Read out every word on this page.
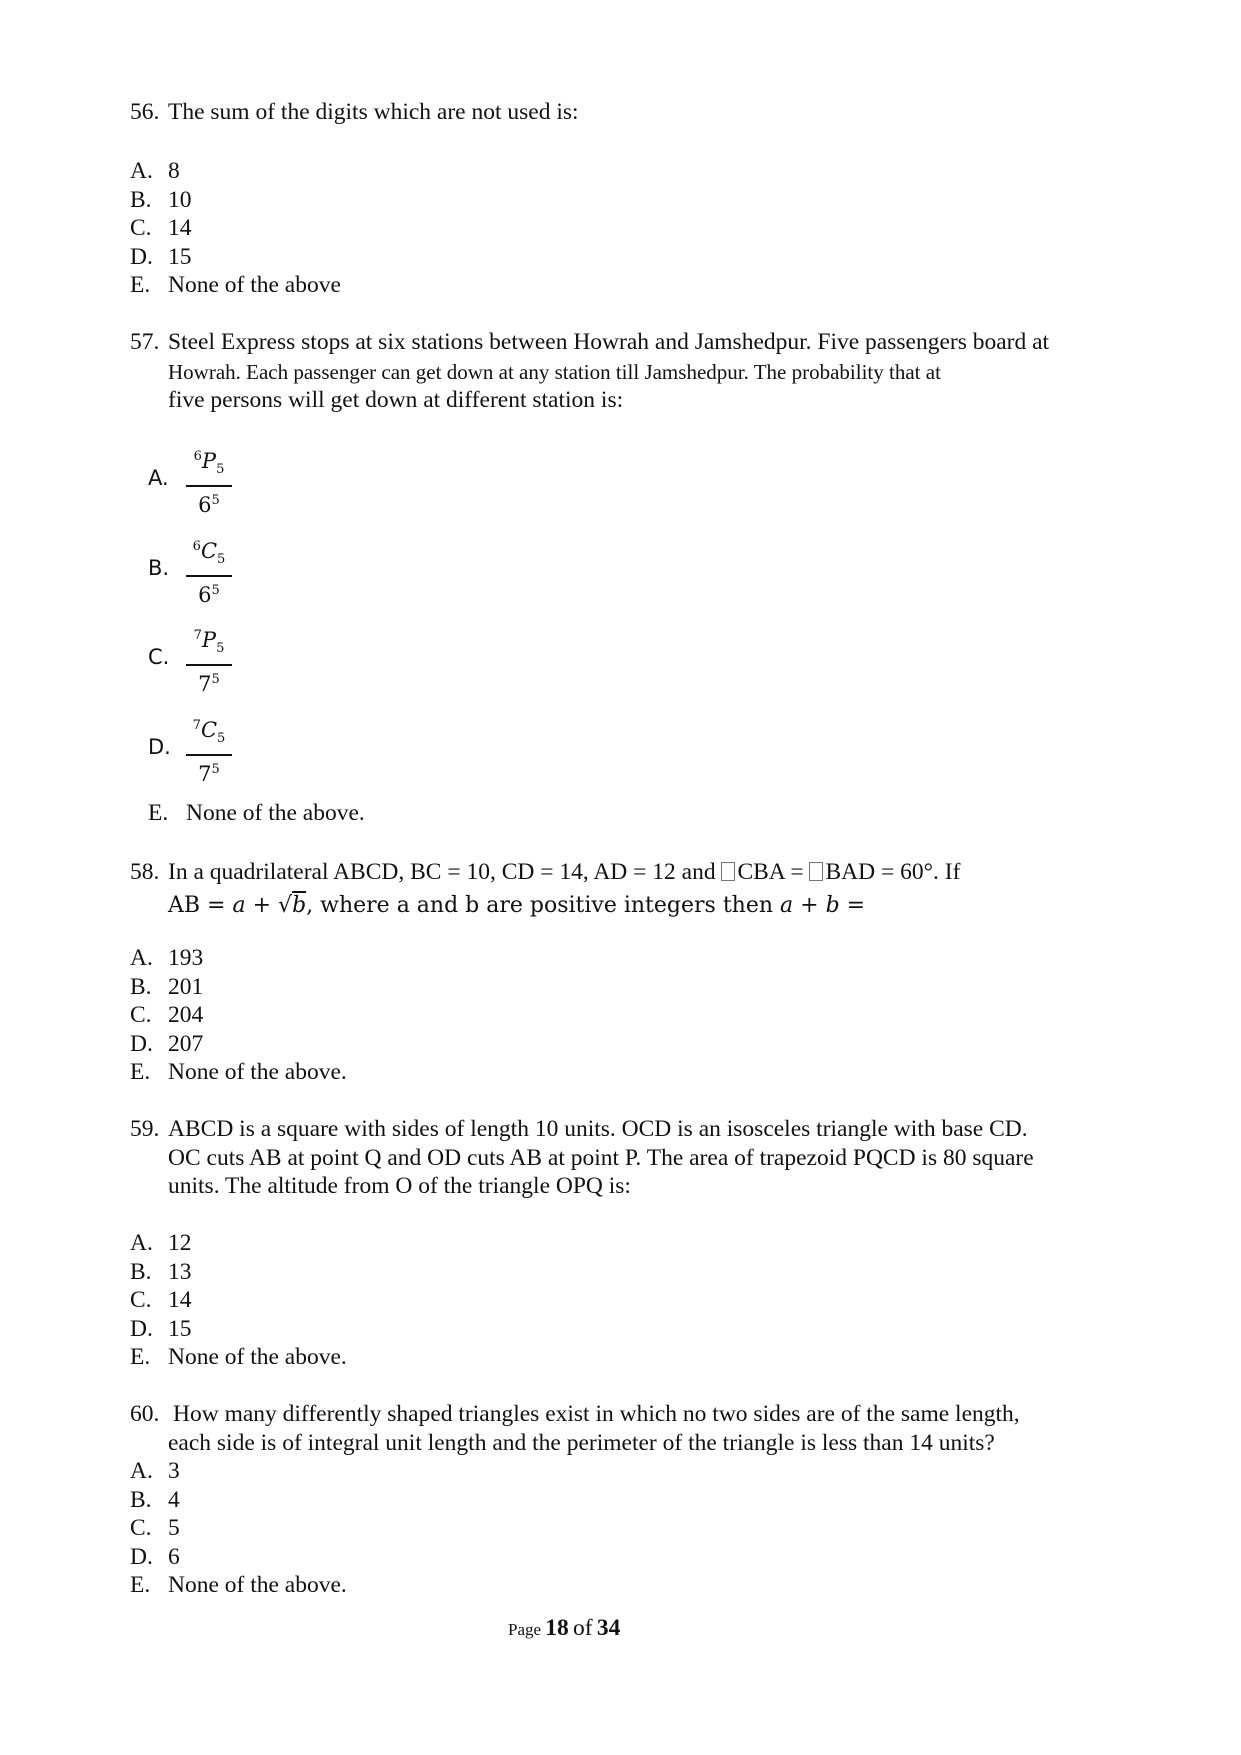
56. The sum of the digits which are not used is:
A. 8
B. 10
C. 14
D. 15
E. None of the above
57. Steel Express stops at six stations between Howrah and Jamshedpur. Five passengers board at
Howrah. Each passenger can get down at any station till Jamshedpur. The probability that at
five persons will get down at different station is:
A.
$^6P_5$
$6^5$
B.
$^6C_5$
$6^5$
C.
$^7P_5$
$7^5$
D.
$^7C_5$
$7^5$
E. None of the above.
58. In a quadrilateral ABCD, BC = 10, CD = 14, AD = 12 and CBA = BAD = 60°. If
AB = a + √b, where a and b are positive integers then a + b =
A. 193
B. 201
C. 204
D. 207
E. None of the above.
59. ABCD is a square with sides of length 10 units. OCD is an isosceles triangle with base CD.
OC cuts AB at point Q and OD cuts AB at point P. The area of trapezoid PQCD is 80 square
units. The altitude from O of the triangle OPQ is:
A. 12
B. 13
C. 14
D. 15
E. None of the above.
60. How many differently shaped triangles exist in which no two sides are of the same length,
each side is of integral unit length and the perimeter of the triangle is less than 14 units?
A. 3
B. 4
C. 5
D. 6
E. None of the above.
Page 18 of 34
